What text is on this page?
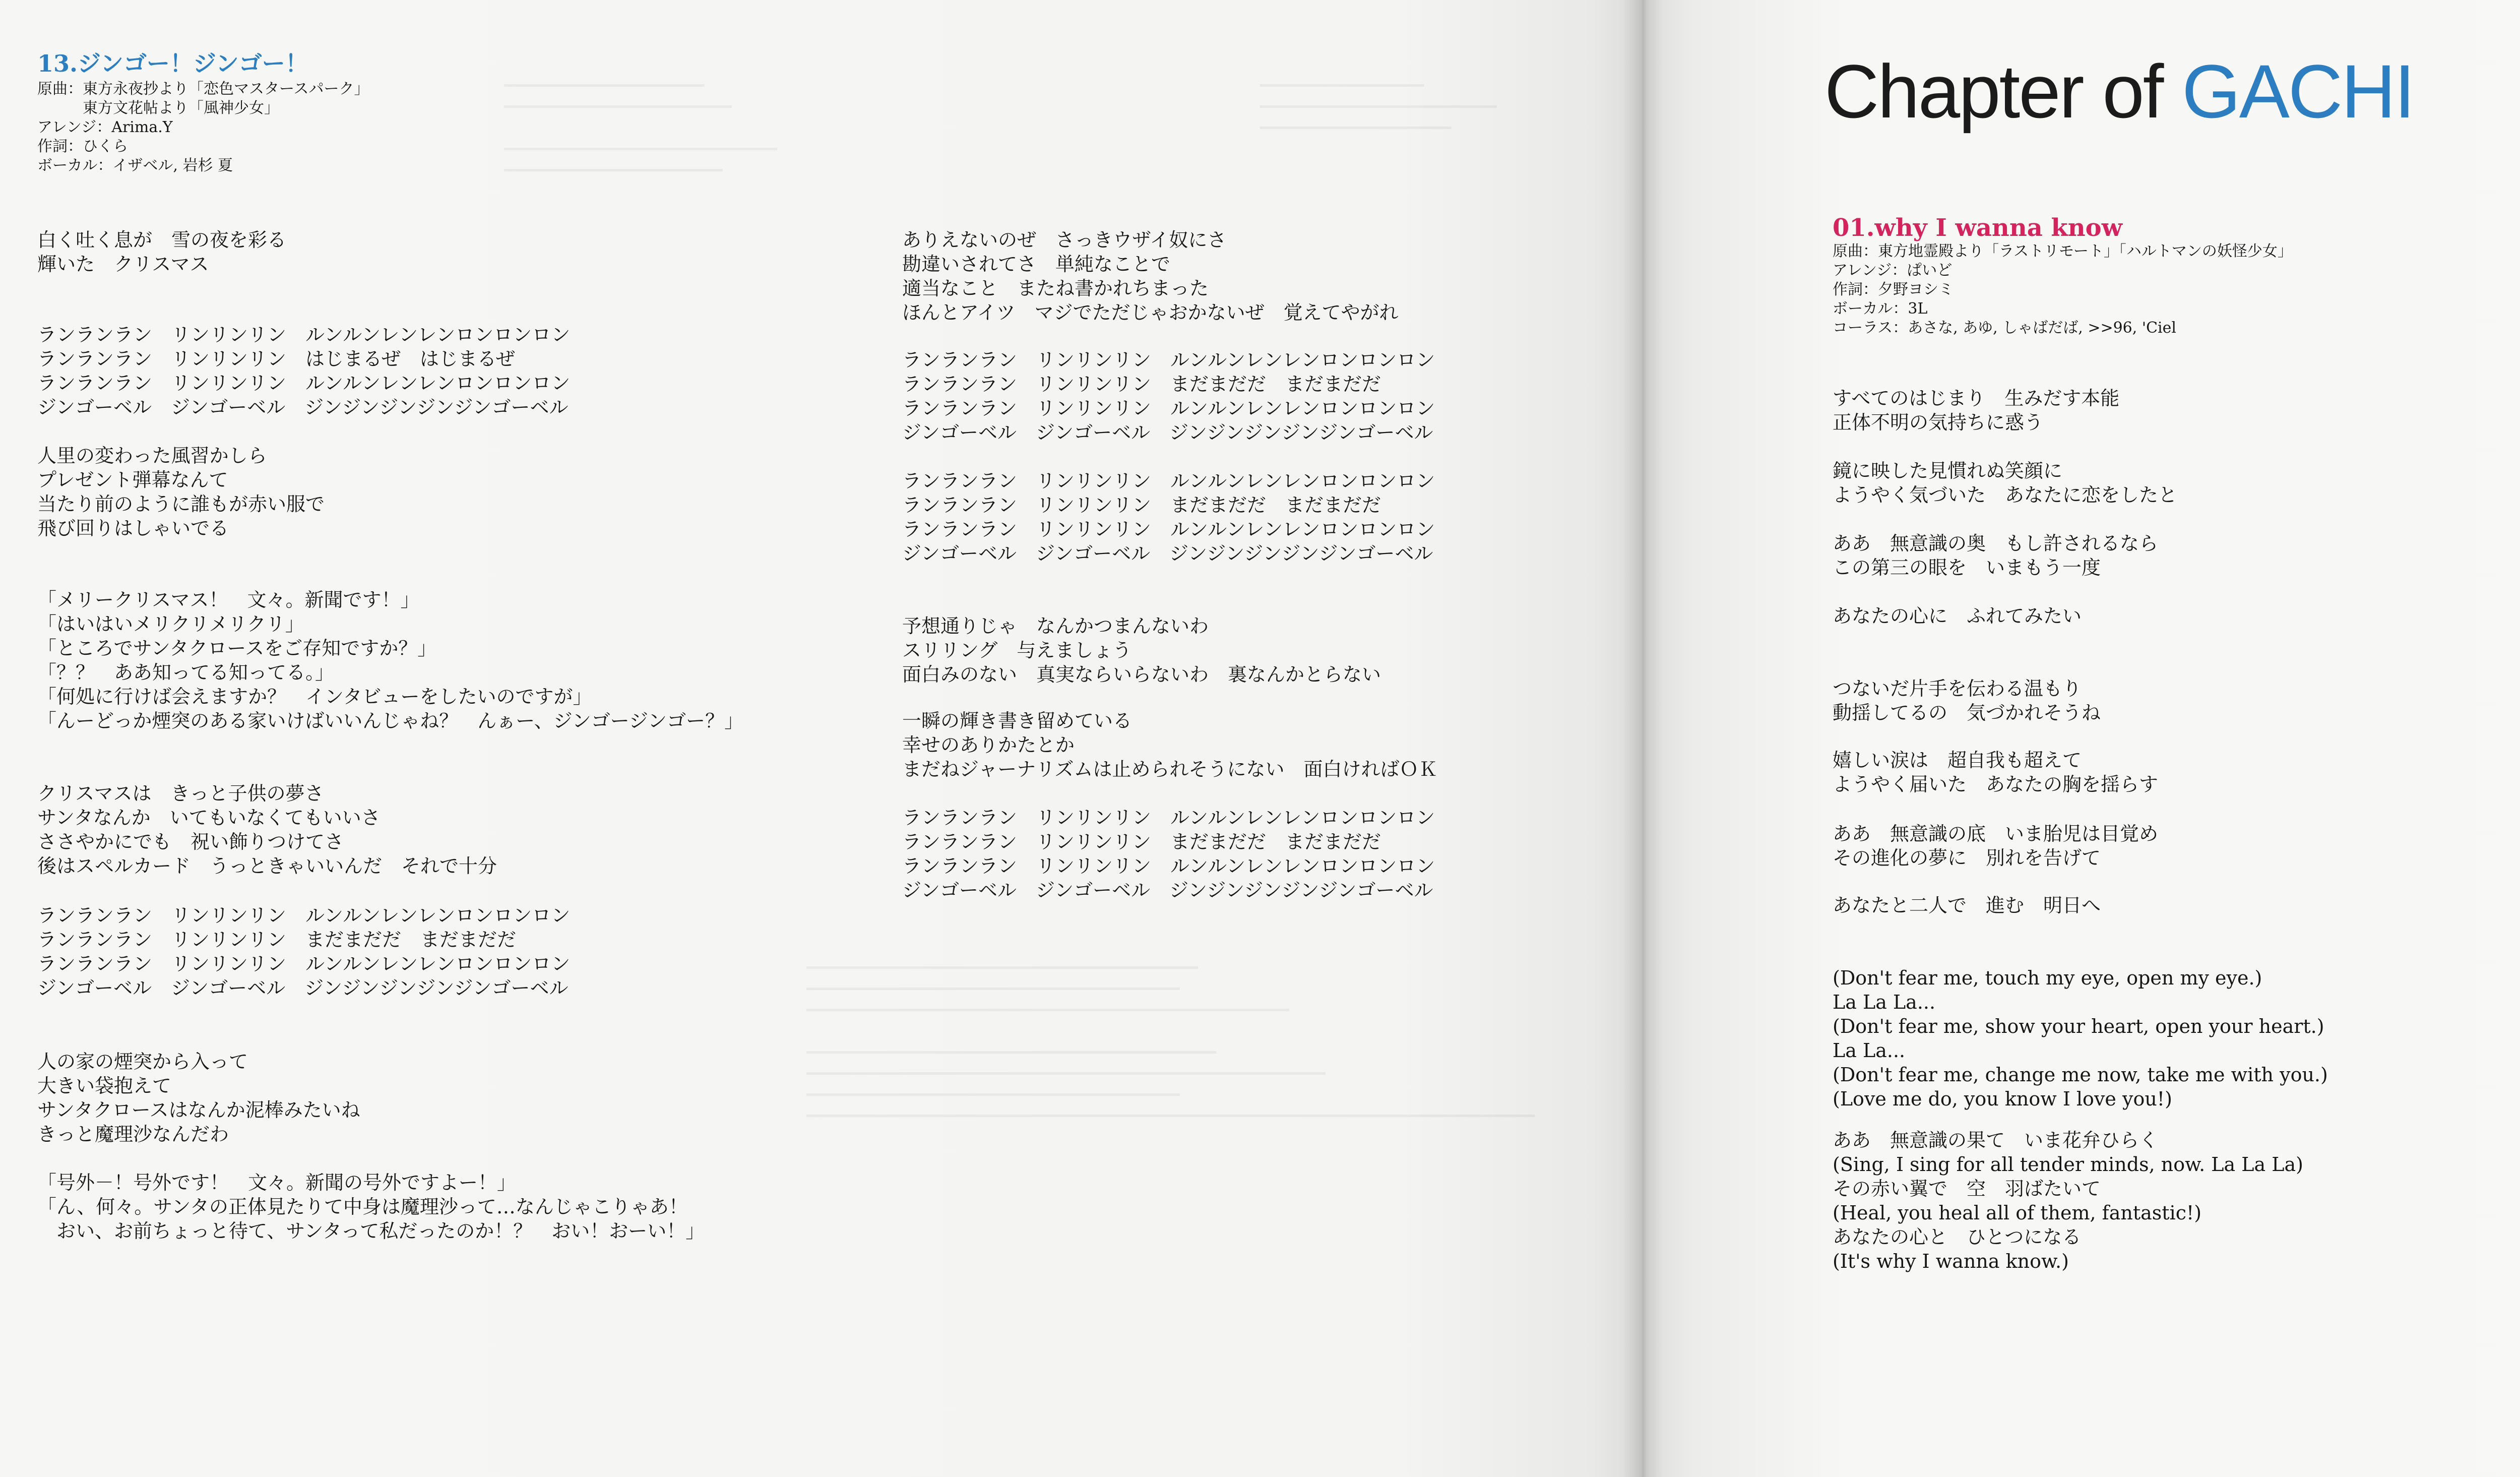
13.ジンゴー！ジンゴー！
原曲：東方永夜抄より「恋色マスタースパーク」
　　　東方文花帖より「風神少女」
アレンジ：Arima.Y
作詞：ひくら
ボーカル：イザベル, 岩杉 夏
白く吐く息が　雪の夜を彩る
輝いた　クリスマス
ランランラン　リンリンリン　ルンルンレンレンロンロンロン
ランランラン　リンリンリン　はじまるぜ　はじまるぜ
ランランラン　リンリンリン　ルンルンレンレンロンロンロン
ジンゴーベル　ジンゴーベル　ジンジンジンジンジンゴーベル
人里の変わった風習かしら
プレゼント弾幕なんて
当たり前のように誰もが赤い服で
飛び回りはしゃいでる
「メリークリスマス！　文々。新聞です！」
「はいはいメリクリメリクリ」
「ところでサンタクロースをご存知ですか？」
「？？　ああ知ってる知ってる。」
「何処に行けば会えますか？　インタビューをしたいのですが」
「んーどっか煙突のある家いけばいいんじゃね？　んぁー、ジンゴージンゴー？」
クリスマスは　きっと子供の夢さ
サンタなんか　いてもいなくてもいいさ
ささやかにでも　祝い飾りつけてさ
後はスペルカード　うっときゃいいんだ　それで十分
ランランラン　リンリンリン　ルンルンレンレンロンロンロン
ランランラン　リンリンリン　まだまだだ　まだまだだ
ランランラン　リンリンリン　ルンルンレンレンロンロンロン
ジンゴーベル　ジンゴーベル　ジンジンジンジンジンゴーベル
人の家の煙突から入って
大きい袋抱えて
サンタクロースはなんか泥棒みたいね
きっと魔理沙なんだわ
「号外－！号外です！　文々。新聞の号外ですよー！」
「ん、何々。サンタの正体見たりて中身は魔理沙って…なんじゃこりゃあ！
　おい、お前ちょっと待て、サンタって私だったのか！？　おい！おーい！」
ありえないのぜ　さっきウザイ奴にさ
勘違いされてさ　単純なことで
適当なこと　またね書かれちまった
ほんとアイツ　マジでただじゃおかないぜ　覚えてやがれ
ランランラン　リンリンリン　ルンルンレンレンロンロンロン
ランランラン　リンリンリン　まだまだだ　まだまだだ
ランランラン　リンリンリン　ルンルンレンレンロンロンロン
ジンゴーベル　ジンゴーベル　ジンジンジンジンジンゴーベル
ランランラン　リンリンリン　ルンルンレンレンロンロンロン
ランランラン　リンリンリン　まだまだだ　まだまだだ
ランランラン　リンリンリン　ルンルンレンレンロンロンロン
ジンゴーベル　ジンゴーベル　ジンジンジンジンジンゴーベル
予想通りじゃ　なんかつまんないわ
スリリング　与えましょう
面白みのない　真実ならいらないわ　裏なんかとらない
一瞬の輝き書き留めている
幸せのありかたとか
まだねジャーナリズムは止められそうにない　面白ければＯＫ
ランランラン　リンリンリン　ルンルンレンレンロンロンロン
ランランラン　リンリンリン　まだまだだ　まだまだだ
ランランラン　リンリンリン　ルンルンレンレンロンロンロン
ジンゴーベル　ジンゴーベル　ジンジンジンジンジンゴーベル
Chapter of GACHI
01.why I wanna know
原曲：東方地霊殿より「ラストリモート」「ハルトマンの妖怪少女」
アレンジ：ぱいど
作詞：夕野ヨシミ
ボーカル：3L
コーラス：あさな, あゆ, しゃばだば, >>96, 'Ciel
すべてのはじまり　生みだす本能
正体不明の気持ちに惑う
鏡に映した見慣れぬ笑顔に
ようやく気づいた　あなたに恋をしたと
ああ　無意識の奥　もし許されるなら
この第三の眼を　いまもう一度
あなたの心に　ふれてみたい
つないだ片手を伝わる温もり
動揺してるの　気づかれそうね
嬉しい涙は　超自我も超えて
ようやく届いた　あなたの胸を揺らす
ああ　無意識の底　いま胎児は目覚め
その進化の夢に　別れを告げて
あなたと二人で　進む　明日へ
(Don't fear me, touch my eye, open my eye.)
La La La...
(Don't fear me, show your heart, open your heart.)
La La...
(Don't fear me, change me now, take me with you.)
(Love me do, you know I love you!)
ああ　無意識の果て　いま花弁ひらく
(Sing, I sing for all tender minds, now. La La La)
その赤い翼で　空　羽ばたいて
(Heal, you heal all of them, fantastic!)
あなたの心と　ひとつになる
(It's why I wanna know.)
